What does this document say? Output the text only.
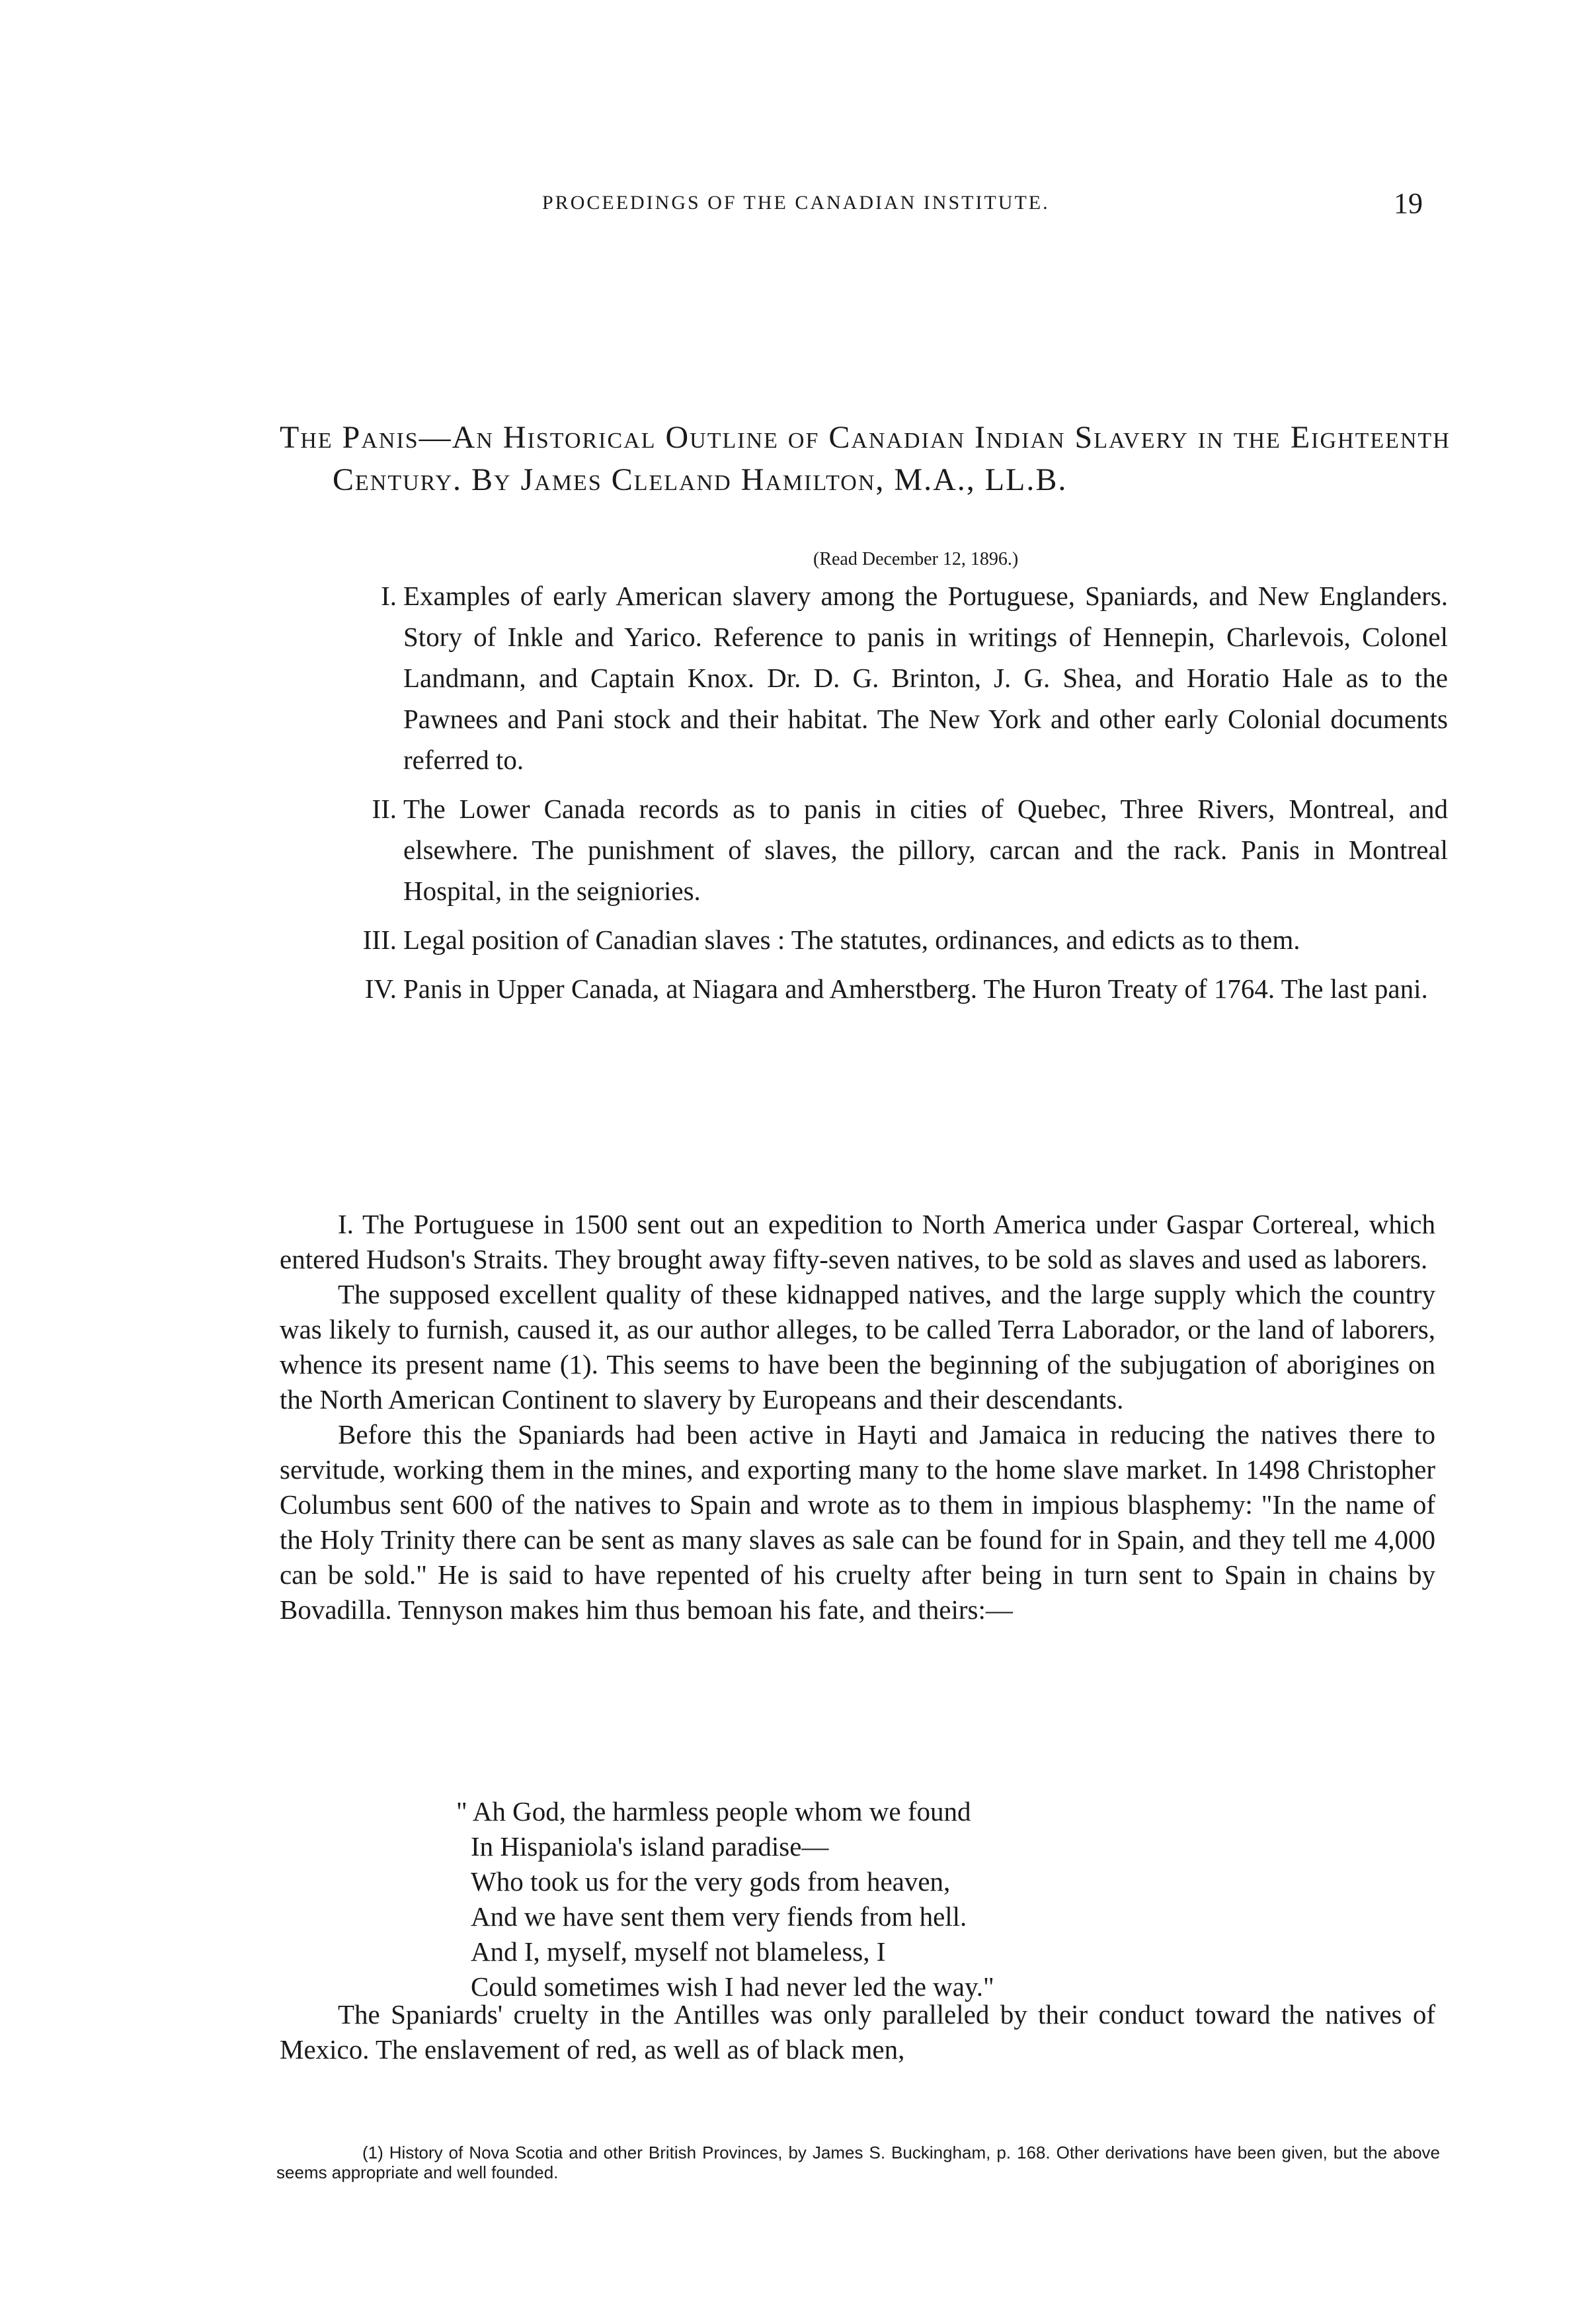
PROCEEDINGS OF THE CANADIAN INSTITUTE.	19
The Panis—An Historical Outline of Canadian Indian Slavery in the Eighteenth Century. By James Cleland Hamilton, M.A., LL.B.
(Read December 12, 1896.)
I. Examples of early American slavery among the Portuguese, Spaniards, and New Englanders. Story of Inkle and Yarico. Reference to panis in writings of Hennepin, Charlevois, Colonel Landmann, and Captain Knox. Dr. D. G. Brinton, J. G. Shea, and Horatio Hale as to the Pawnees and Pani stock and their habitat. The New York and other early Colonial documents referred to.
II. The Lower Canada records as to panis in cities of Quebec, Three Rivers, Montreal, and elsewhere. The punishment of slaves, the pillory, carcan and the rack. Panis in Montreal Hospital, in the seigniories.
III. Legal position of Canadian slaves : The statutes, ordinances, and edicts as to them.
IV. Panis in Upper Canada, at Niagara and Amherstberg. The Huron Treaty of 1764. The last pani.

I. The Portuguese in 1500 sent out an expedition to North America under Gaspar Cortereal, which entered Hudson's Straits. They brought away fifty-seven natives, to be sold as slaves and used as laborers.

The supposed excellent quality of these kidnapped natives, and the large supply which the country was likely to furnish, caused it, as our author alleges, to be called Terra Laborador, or the land of laborers, whence its present name (1). This seems to have been the beginning of the subjugation of aborigines on the North American Continent to slavery by Europeans and their descendants.

Before this the Spaniards had been active in Hayti and Jamaica in reducing the natives there to servitude, working them in the mines, and exporting many to the home slave market. In 1498 Christopher Columbus sent 600 of the natives to Spain and wrote as to them in impious blasphemy: "In the name of the Holy Trinity there can be sent as many slaves as sale can be found for in Spain, and they tell me 4,000 can be sold." He is said to have repented of his cruelty after being in turn sent to Spain in chains by Bovadilla. Tennyson makes him thus bemoan his fate, and theirs:—

" Ah God, the harmless people whom we found
In Hispaniola's island paradise—
Who took us for the very gods from heaven,
And we have sent them very fiends from hell.
And I, myself, myself not blameless, I
Could sometimes wish I had never led the way."

The Spaniards' cruelty in the Antilles was only paralleled by their conduct toward the natives of Mexico. The enslavement of red, as well as of black men,

(1) History of Nova Scotia and other British Provinces, by James S. Buckingham, p. 168. Other derivations have been given, but the above seems appropriate and well founded.
